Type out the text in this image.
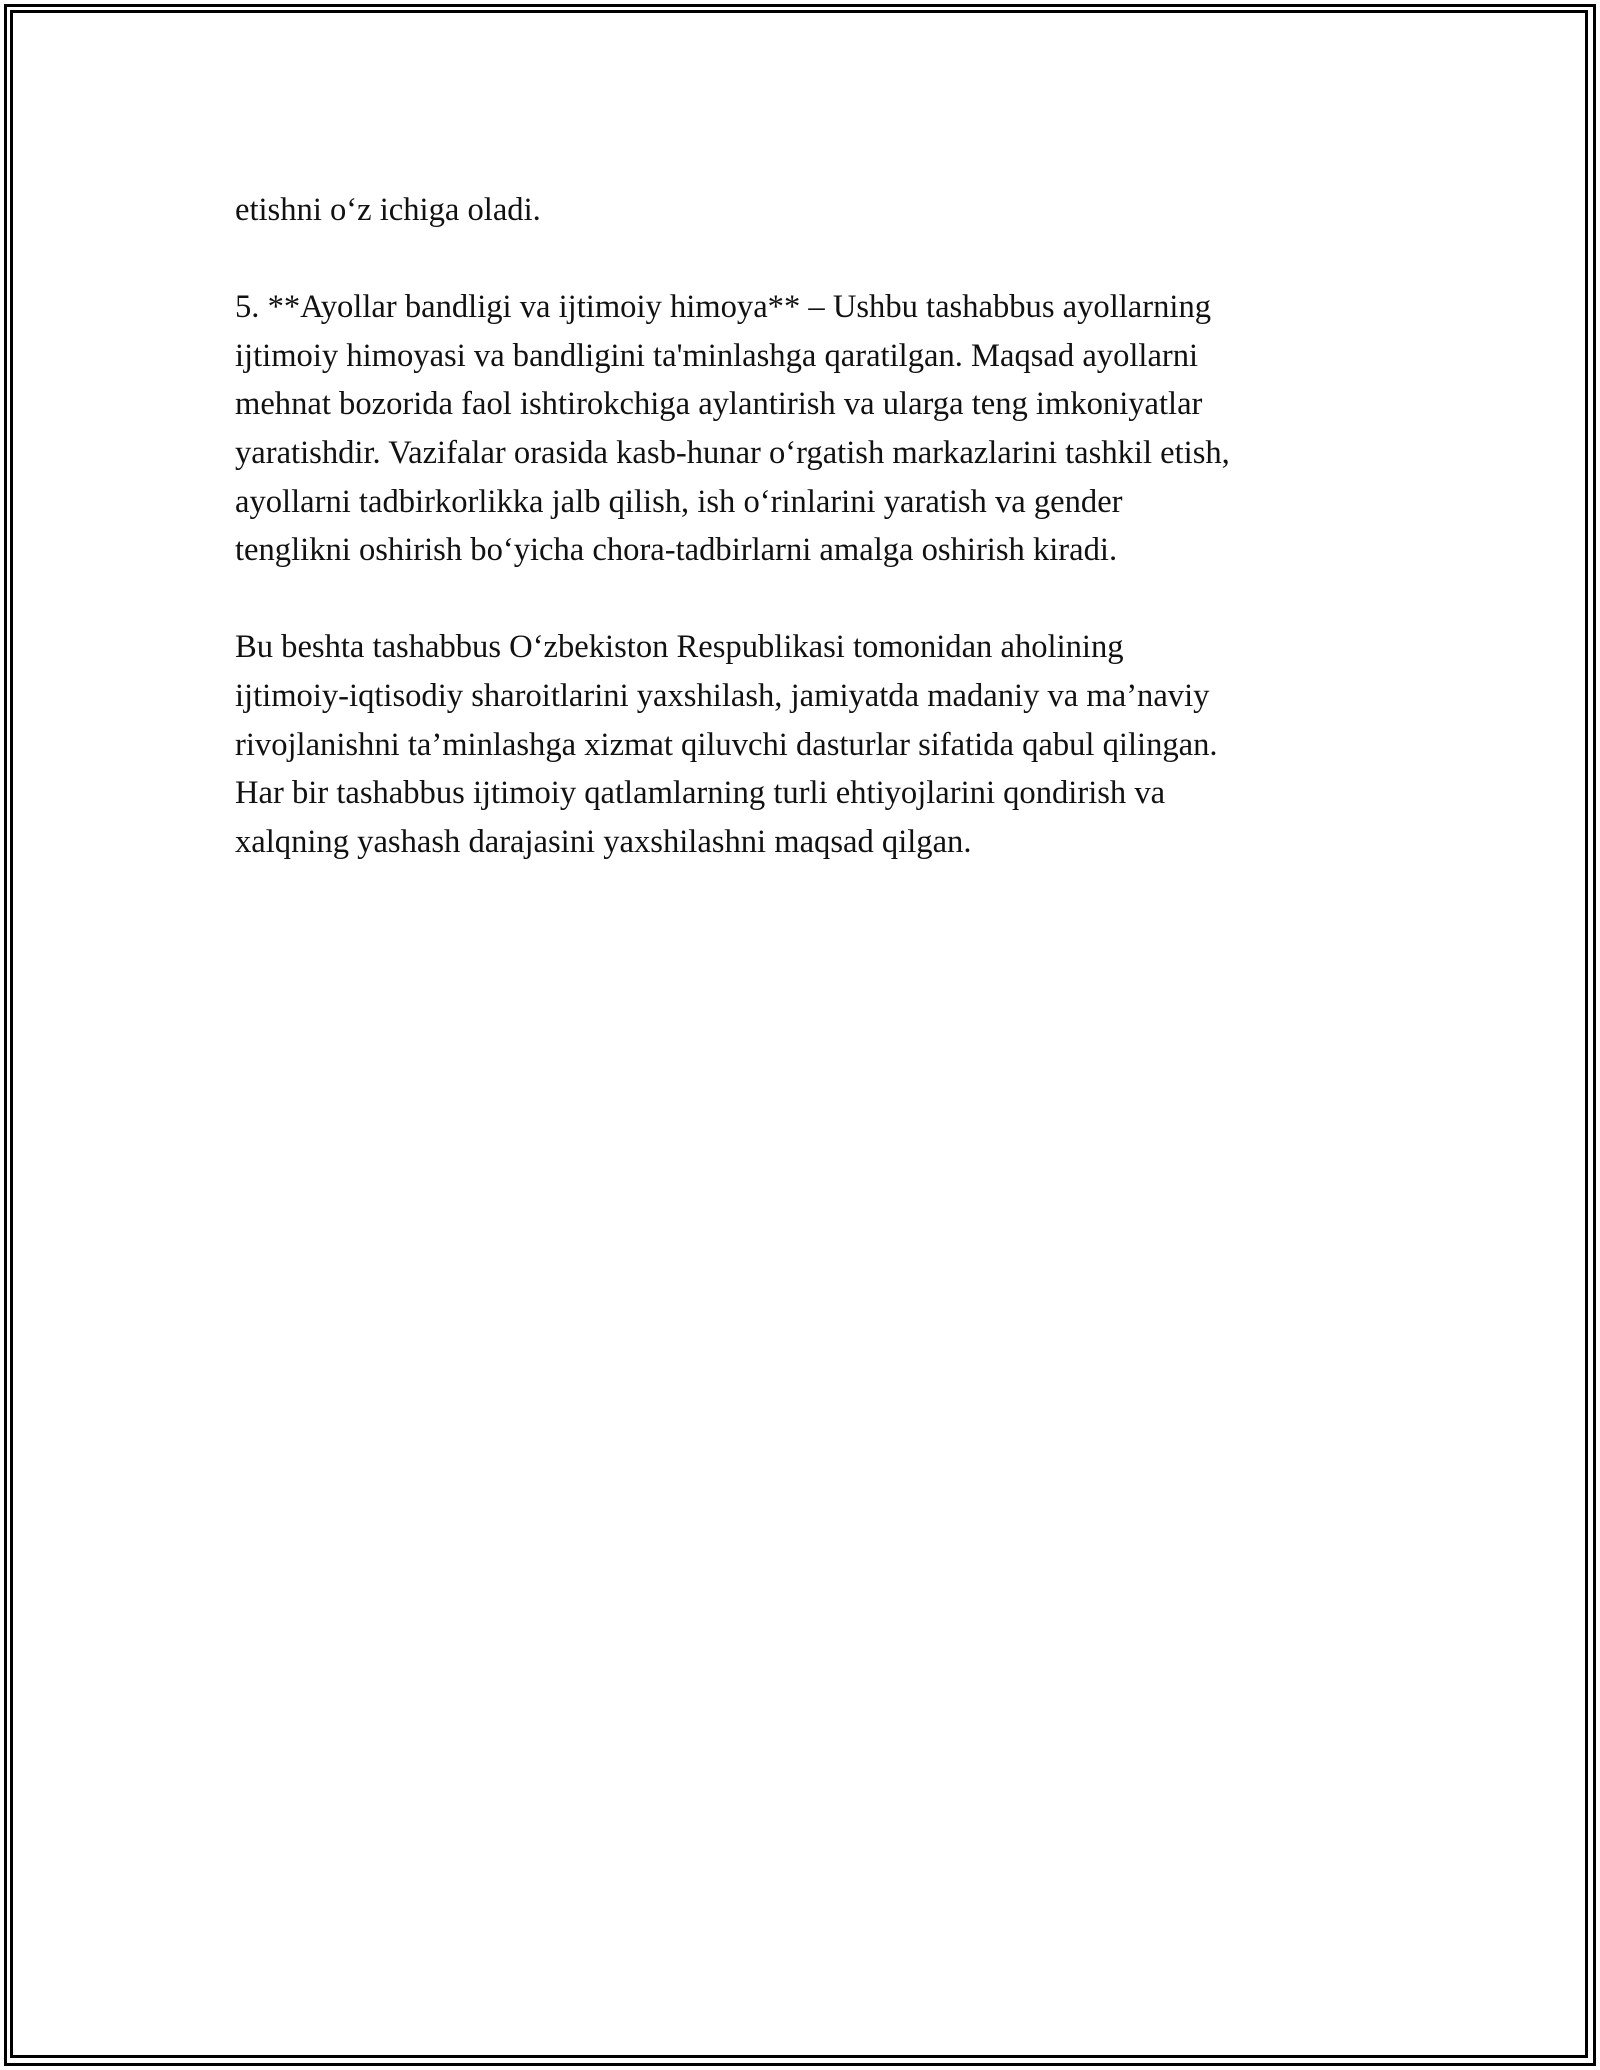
etishni o‘z ichiga oladi.

5. **Ayollar bandligi va ijtimoiy himoya** – Ushbu tashabbus ayollarning
ijtimoiy himoyasi va bandligini ta'minlashga qaratilgan. Maqsad ayollarni
mehnat bozorida faol ishtirokchiga aylantirish va ularga teng imkoniyatlar
yaratishdir. Vazifalar orasida kasb-hunar o‘rgatish markazlarini tashkil etish,
ayollarni tadbirkorlikka jalb qilish, ish o‘rinlarini yaratish va gender
tenglikni oshirish bo‘yicha chora-tadbirlarni amalga oshirish kiradi.

Bu beshta tashabbus O‘zbekiston Respublikasi tomonidan aholining
ijtimoiy-iqtisodiy sharoitlarini yaxshilash, jamiyatda madaniy va ma’naviy
rivojlanishni ta’minlashga xizmat qiluvchi dasturlar sifatida qabul qilingan.
Har bir tashabbus ijtimoiy qatlamlarning turli ehtiyojlarini qondirish va
xalqning yashash darajasini yaxshilashni maqsad qilgan.
